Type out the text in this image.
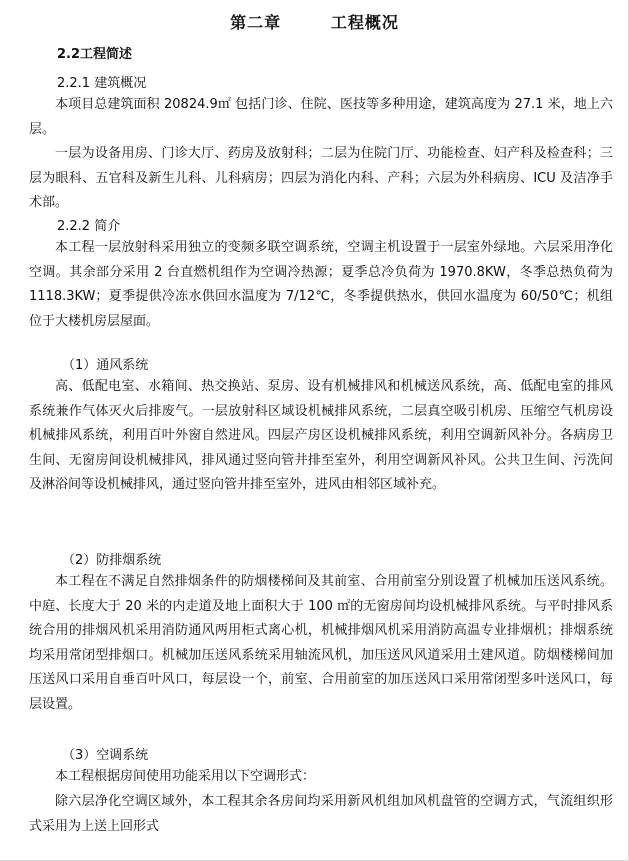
第二章   工程概况
2.2工程简述
2.2.1 建筑概况

本项目总建筑面积 20824.9㎡ 包括门诊、住院、医技等多种用途，建筑高度为 27.1 米，地上六层。

一层为设备用房、门诊大厅、药房及放射科；二层为住院门厅、功能检查、妇产科及检查科；三层为眼科、五官科及新生儿科、儿科病房；四层为消化内科、产科；六层为外科病房、ICU 及洁净手术部。

2.2.2 简介

本工程一层放射科采用独立的变频多联空调系统，空调主机设置于一层室外绿地。六层采用净化空调。其余部分采用 2 台直燃机组作为空调冷热源；夏季总冷负荷为 1970.8KW，冬季总热负荷为 1118.3KW；夏季提供冷冻水供回水温度为 7/12℃，冬季提供热水，供回水温度为 60/50℃；机组位于大楼机房层屋面。

（1）通风系统

高、低配电室、水箱间、热交换站、泵房、设有机械排风和机械送风系统，高、低配电室的排风系统兼作气体灭火后排废气。一层放射科区域设机械排风系统，二层真空吸引机房、压缩空气机房设机械排风系统，利用百叶外窗自然进风。四层产房区设机械排风系统，利用空调新风补分。各病房卫生间、无窗房间设机械排风，排风通过竖向管井排至室外，利用空调新风补风。公共卫生间、污洗间及淋浴间等设机械排风，通过竖向管井排至室外，进风由相邻区域补充。

（2）防排烟系统

本工程在不满足自然排烟条件的防烟楼梯间及其前室、合用前室分别设置了机械加压送风系统。中庭、长度大于 20 米的内走道及地上面积大于 100 ㎡的无窗房间均设机械排风系统。与平时排风系统合用的排烟风机采用消防通风两用柜式离心机，机械排烟风机采用消防高温专业排烟机；排烟系统均采用常闭型排烟口。机械加压送风系统采用轴流风机，加压送风风道采用土建风道。防烟楼梯间加压送风口采用自垂百叶风口，每层设一个，前室、合用前室的加压送风口采用常闭型多叶送风口，每层设置。

（3）空调系统

本工程根据房间使用功能采用以下空调形式：

除六层净化空调区域外，本工程其余各房间均采用新风机组加风机盘管的空调方式，气流组织形式采用为上送上回形式
